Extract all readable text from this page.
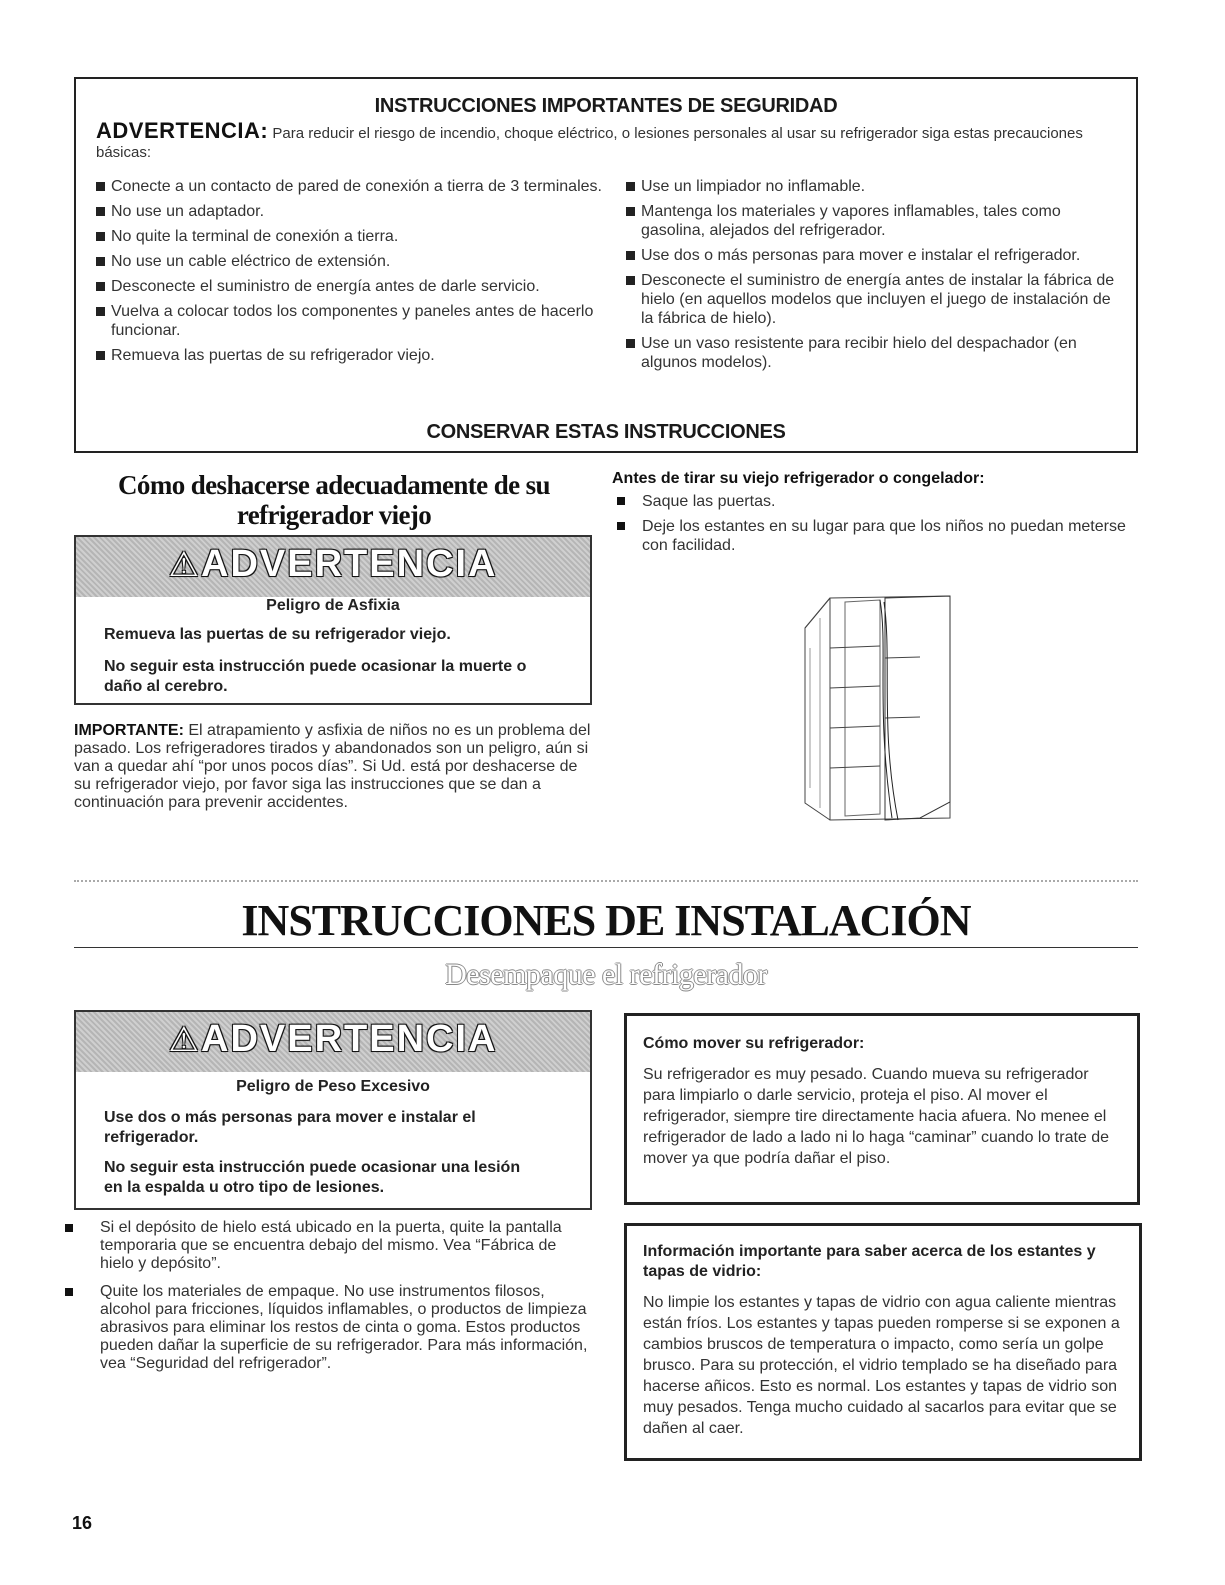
INSTRUCCIONES IMPORTANTES DE SEGURIDAD
ADVERTENCIA: Para reducir el riesgo de incendio, choque eléctrico, o lesiones personales al usar su refrigerador siga estas precauciones básicas:
Conecte a un contacto de pared de conexión a tierra de 3 terminales.
No use un adaptador.
No quite la terminal de conexión a tierra.
No use un cable eléctrico de extensión.
Desconecte el suministro de energía antes de darle servicio.
Vuelva a colocar todos los componentes y paneles antes de hacerlo funcionar.
Remueva las puertas de su refrigerador viejo.
Use un limpiador no inflamable.
Mantenga los materiales y vapores inflamables, tales como gasolina, alejados del refrigerador.
Use dos o más personas para mover e instalar el refrigerador.
Desconecte el suministro de energía antes de instalar la fábrica de hielo (en aquellos modelos que incluyen el juego de instalación de la fábrica de hielo).
Use un vaso resistente para recibir hielo del despachador (en algunos modelos).
CONSERVAR ESTAS INSTRUCCIONES
Cómo deshacerse adecuadamente de su refrigerador viejo
⚠ADVERTENCIA
Peligro de Asfixia
Remueva las puertas de su refrigerador viejo.
No seguir esta instrucción puede ocasionar la muerte o daño al cerebro.
IMPORTANTE: El atrapamiento y asfixia de niños no es un problema del pasado. Los refrigeradores tirados y abandonados son un peligro, aún si van a quedar ahí “por unos pocos días”. Si Ud. está por deshacerse de su refrigerador viejo, por favor siga las instrucciones que se dan a continuación para prevenir accidentes.
Antes de tirar su viejo refrigerador o congelador:
Saque las puertas.
Deje los estantes en su lugar para que los niños no puedan meterse con facilidad.
INSTRUCCIONES DE INSTALACIÓN
Desempaque el refrigerador
⚠ADVERTENCIA
Peligro de Peso Excesivo
Use dos o más personas para mover e instalar el refrigerador.
No seguir esta instrucción puede ocasionar una lesión en la espalda u otro tipo de lesiones.
Si el depósito de hielo está ubicado en la puerta, quite la pantalla temporaria que se encuentra debajo del mismo. Vea “Fábrica de hielo y depósito”.
Quite los materiales de empaque. No use instrumentos filosos, alcohol para fricciones, líquidos inflamables, o productos de limpieza abrasivos para eliminar los restos de cinta o goma. Estos productos pueden dañar la superficie de su refrigerador. Para más información, vea “Seguridad del refrigerador”.
Cómo mover su refrigerador:
Su refrigerador es muy pesado. Cuando mueva su refrigerador para limpiarlo o darle servicio, proteja el piso. Al mover el refrigerador, siempre tire directamente hacia afuera. No menee el refrigerador de lado a lado ni lo haga “caminar” cuando lo trate de mover ya que podría dañar el piso.
Información importante para saber acerca de los estantes y tapas de vidrio:
No limpie los estantes y tapas de vidrio con agua caliente mientras están fríos. Los estantes y tapas pueden romperse si se exponen a cambios bruscos de temperatura o impacto, como sería un golpe brusco. Para su protección, el vidrio templado se ha diseñado para hacerse añicos. Esto es normal. Los estantes y tapas de vidrio son muy pesados. Tenga mucho cuidado al sacarlos para evitar que se dañen al caer.
16
